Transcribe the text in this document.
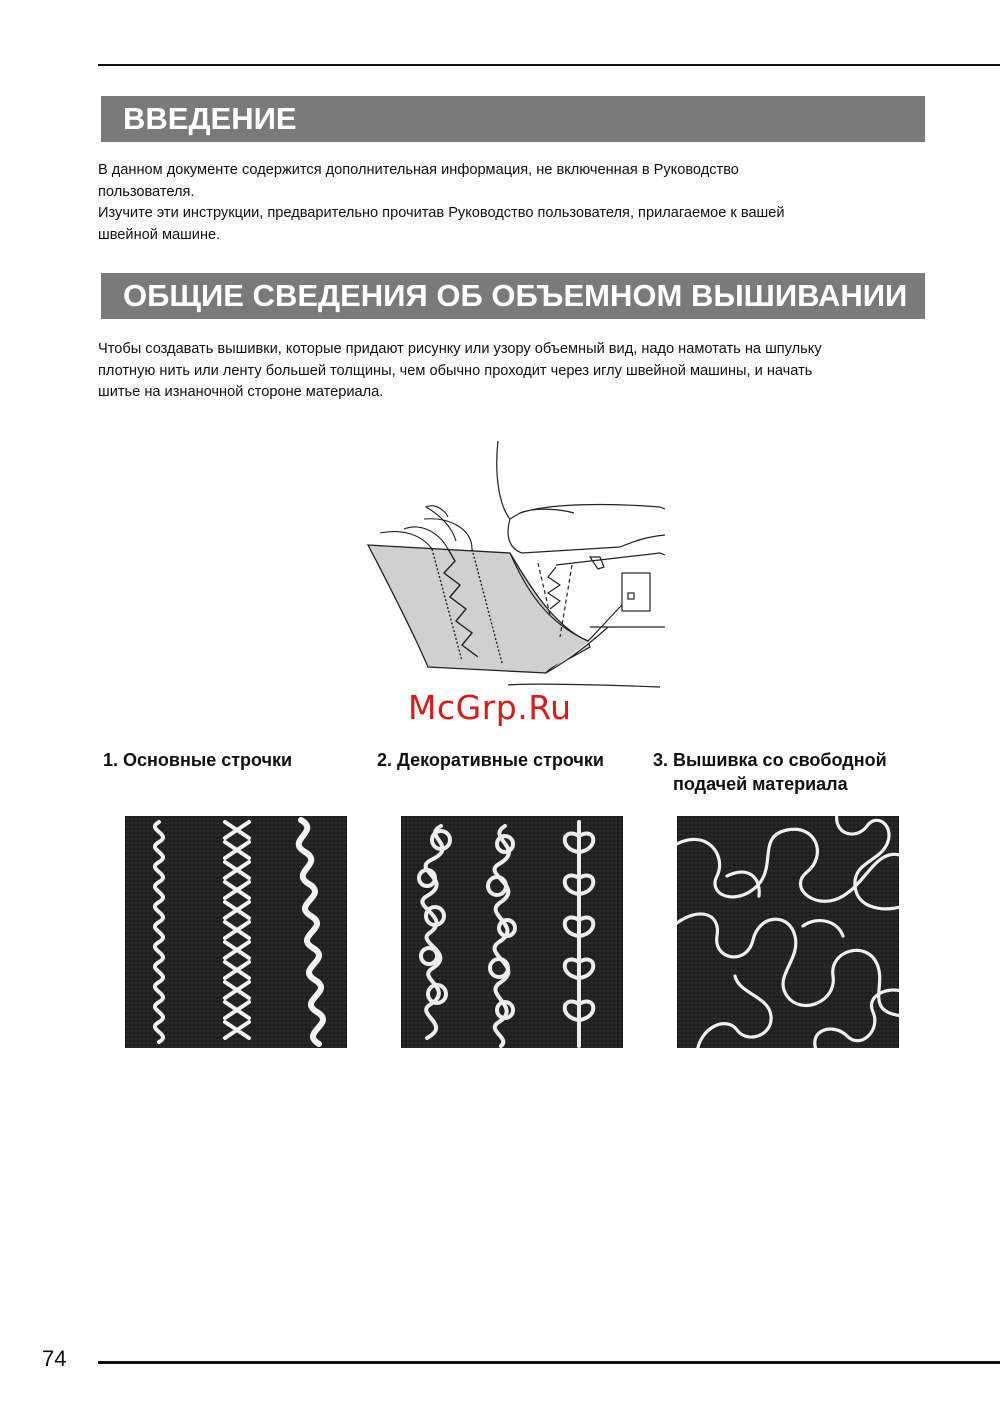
ВВЕДЕНИЕ

В данном документе содержится дополнительная информация, не включенная в Руководство
пользователя.
Изучите эти инструкции, предварительно прочитав Руководство пользователя, прилагаемое к вашей
швейной машине.

ОБЩИЕ СВЕДЕНИЯ ОБ ОБЪЕМНОМ ВЫШИВАНИИ

Чтобы создавать вышивки, которые придают рисунку или узору объемный вид, надо намотать на шпульку
плотную нить или ленту большей толщины, чем обычно проходит через иглу швейной машины, и начать
шитье на изнаночной стороне материала.

McGrp.Ru
1. Основные строчки	2. Декоративные строчки	3. Вышивка со свободной
подачей материала
74
